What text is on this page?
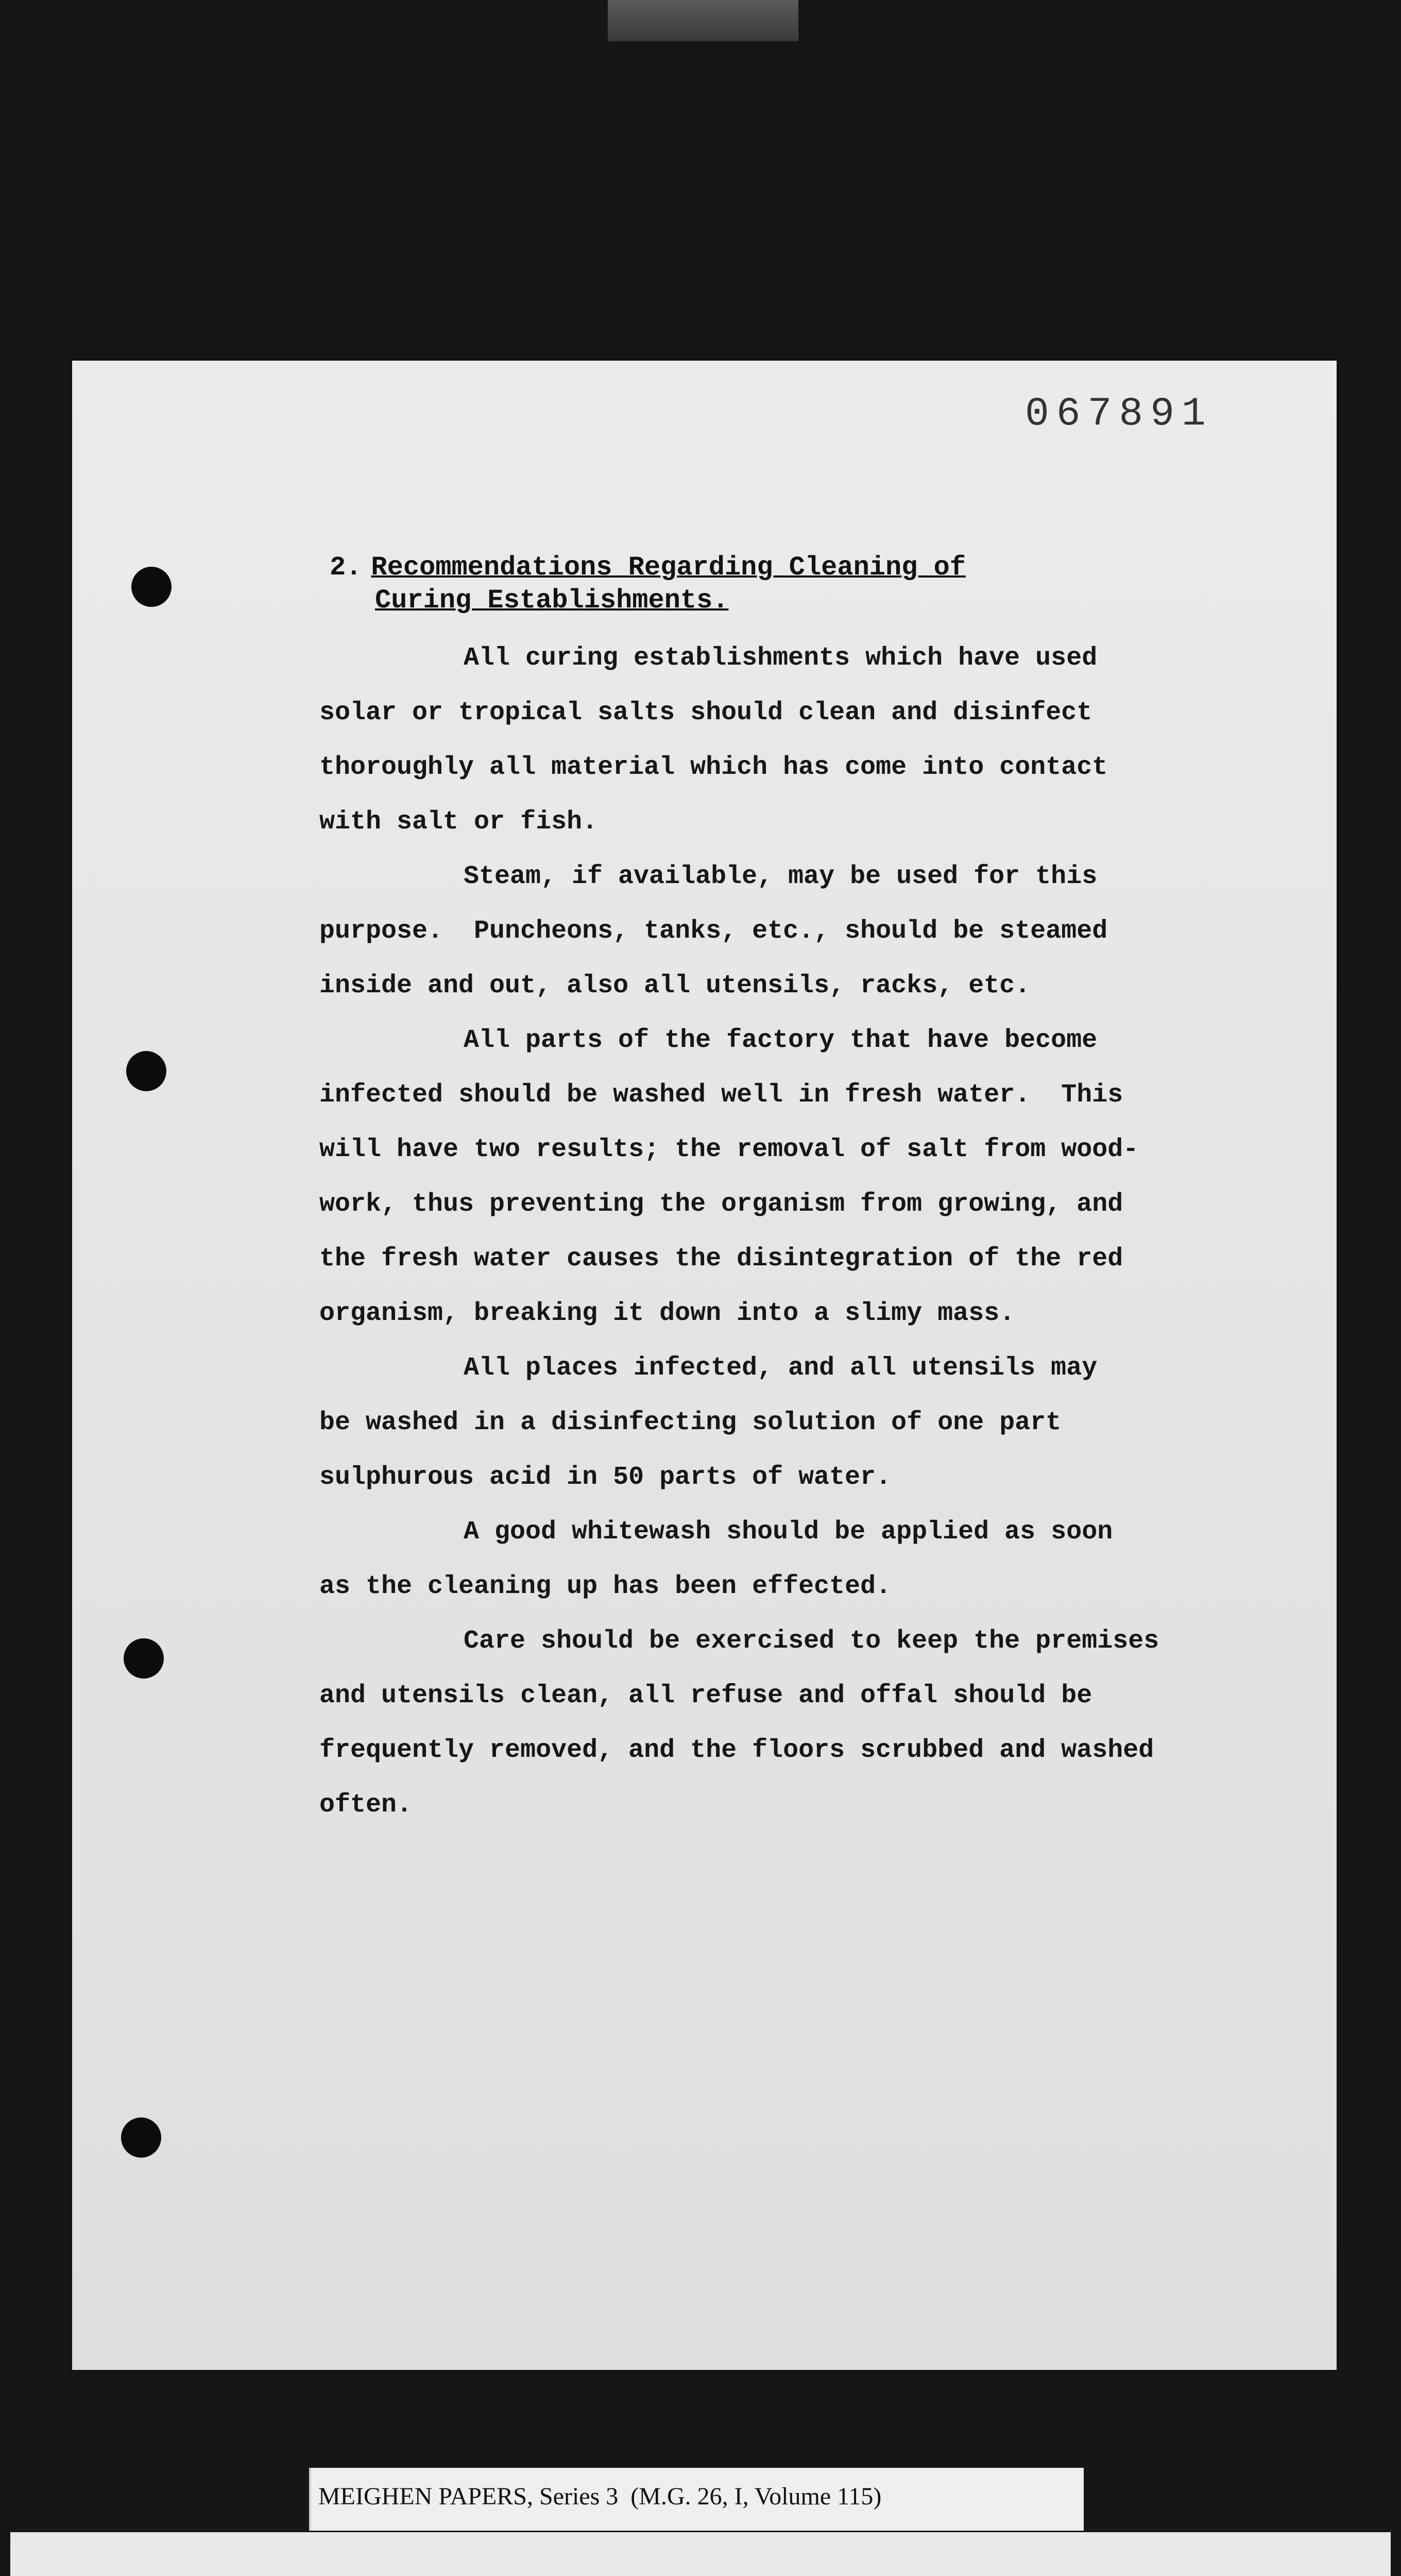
067891
2. Recommendations Regarding Cleaning of
Curing Establishments.
All curing establishments which have used
solar or tropical salts should clean and disinfect
thoroughly all material which has come into contact
with salt or fish.
Steam, if available, may be used for this
purpose.  Puncheons, tanks, etc., should be steamed
inside and out, also all utensils, racks, etc.
All parts of the factory that have become
infected should be washed well in fresh water.  This
will have two results; the removal of salt from wood-
work, thus preventing the organism from growing, and
the fresh water causes the disintegration of the red
organism, breaking it down into a slimy mass.
All places infected, and all utensils may
be washed in a disinfecting solution of one part
sulphurous acid in 50 parts of water.
A good whitewash should be applied as soon
as the cleaning up has been effected.
Care should be exercised to keep the premises
and utensils clean, all refuse and offal should be
frequently removed, and the floors scrubbed and washed
often.
MEIGHEN PAPERS, Series 3  (M.G. 26, I, Volume 115)
